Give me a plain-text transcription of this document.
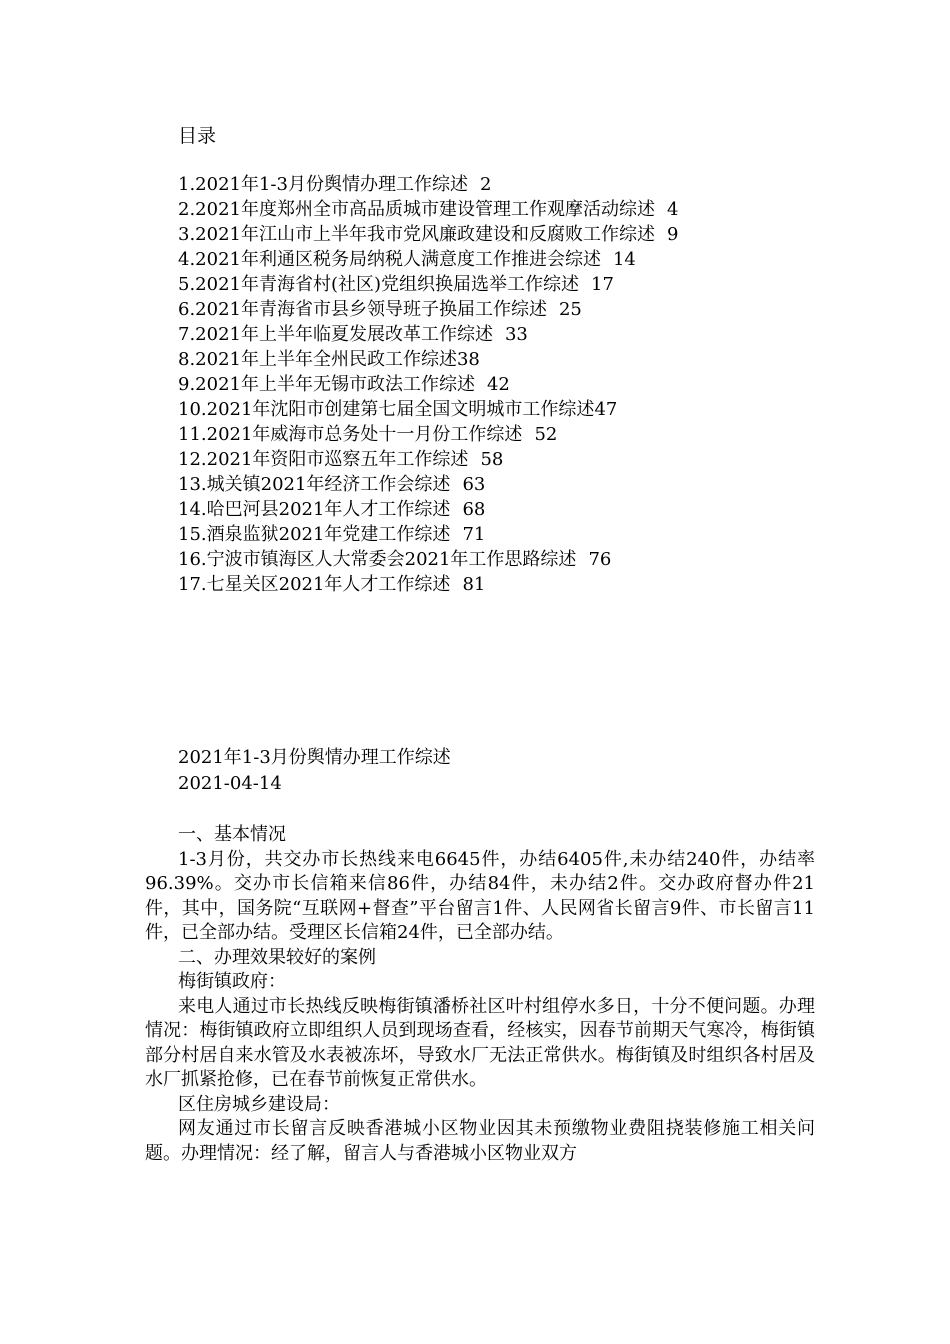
目录
1.2021年1-3月份舆情办理工作综述 2
2.2021年度郑州全市高品质城市建设管理工作观摩活动综述 4
3.2021年江山市上半年我市党风廉政建设和反腐败工作综述 9
4.2021年利通区税务局纳税人满意度工作推进会综述 14
5.2021年青海省村(社区)党组织换届选举工作综述 17
6.2021年青海省市县乡领导班子换届工作综述 25
7.2021年上半年临夏发展改革工作综述 33
8.2021年上半年全州民政工作综述38
9.2021年上半年无锡市政法工作综述 42
10.2021年沈阳市创建第七届全国文明城市工作综述47
11.2021年威海市总务处十一月份工作综述 52
12.2021年资阳市巡察五年工作综述 58
13.城关镇2021年经济工作会综述 63
14.哈巴河县2021年人才工作综述 68
15.酒泉监狱2021年党建工作综述 71
16.宁波市镇海区人大常委会2021年工作思路综述 76
17.七星关区2021年人才工作综述 81
2021年1-3月份舆情办理工作综述
2021-04-14

一、基本情况

1-3月份，共交办市长热线来电6645件，办结6405件,未办结240件，办结率96.39%。交办市长信箱来信86件，办结84件，未办结2件。交办政府督办件21件，其中，国务院“互联网+督查”平台留言1件、人民网省长留言9件、市长留言11件，已全部办结。受理区长信箱24件，已全部办结。

二、办理效果较好的案例

梅街镇政府：

来电人通过市长热线反映梅街镇潘桥社区叶村组停水多日，十分不便问题。办理情况：梅街镇政府立即组织人员到现场查看，经核实，因春节前期天气寒冷，梅街镇部分村居自来水管及水表被冻坏，导致水厂无法正常供水。梅街镇及时组织各村居及水厂抓紧抢修，已在春节前恢复正常供水。

区住房城乡建设局：

网友通过市长留言反映香港城小区物业因其未预缴物业费阻挠装修施工相关问题。办理情况：经了解，留言人与香港城小区物业双方
